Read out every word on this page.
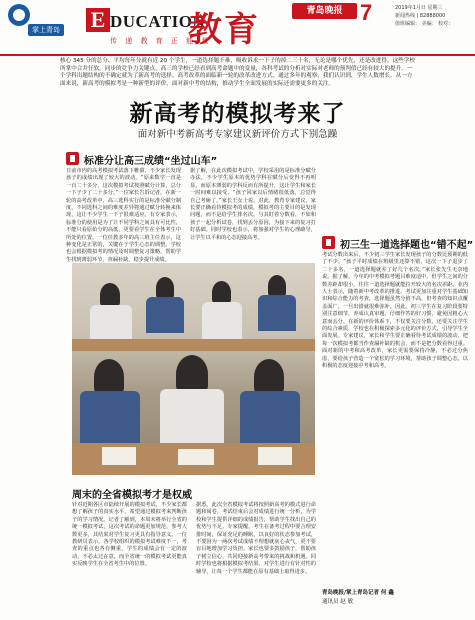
掌上青岛 E DUCATION
教育
传 递 教 育 正 能 量
青岛晚报 7	2019年1月日 星期三
新闻热线 | 82888000
值班编辑： 美编： 校对：
核心 345 分的总分、平均每年分就有近 20 个学生，一道选择题不难，吸收诉求一下子的掉二三十名，无论是哪个优先，还是改进得，这些学校所掌中合并仔软，同步的竞争力关键点，高三的学校已经看到高考命题中的变量，各科考试的分析对实际对老师的预判值已经有较大的提升。一个学科出题结构的不确定就为了新高考的选择。高考改革的面临新一轮的改革改进方式。通过多年的观察，我们认识到，学生人数增长。从一方面来说，新高考的模拟考是一种新型的评价，面对新中考的结构，推动学生全面发展的实际还需要更多的关注。
新高考的模拟考来了
面对新中考新高考专家建议新评价方式下别急躁
标准分让高三成绩“坐过山车”
日前市内的高考模拟考试落下帷幕，不少家长发现孩子的成绩出现了较大的波动。“原来数学一直是一百二十多分，这次模拟考试按照赋分计算，总分一下子少了二十多分。”一位家长告诉记者。在新一轮的高考改革中，高三选科实行的是标准分赋分制度，不同选科之间的难度差异将通过赋分转换来体现，这让不少学生一下子很难适应。有专家表示，标准分的使用是为了让不同学科之间具有可比性，不能只看原始分的高低，更要看学生在全体考生中所处的位置。一位任教多年的高三班主任表示，这种变化是正常的，关键在于学生心态的调整。学校也会根据模拟考的情况及时调整复习策略，帮助学生找到薄弱环节，查漏补缺，稳步提升成绩。
据了解，在此次模拟考试中，学校采用的是标准分赋分办法，不少学生原本的优势学科在赋分后变得不再明显，而原本薄弱的学科反而有所提升，这让学生和家长一时间难以接受。“孩子回家以后情绪很低落，总觉得自己考砸了。”家长王女士说。对此，教育专家建议，家长要正确看待模拟考的成绩，模拟考的主要目的是发现问题，而不是给学生排名次。与其盯着分数看，不如和孩子一起分析试卷，找到丢分原因，为接下来的复习打好基础。同时学校也表示，将加强对学生的心理疏导，让学生以平和的心态迎接高考。
周末的全省模拟考才是权威
针对近期各区市陆续开展的模拟考试，不少家长都想了解孩子的真实水平，希望通过模拟考来判断孩子的学习情况。记者了解到，本周末将举行全省的统一模拟考试，这次考试的命题更加规范，参考人数更多，其结果对学生复习更具有指导意义。一位教研员表示，各学校组织的模拟考试难度不一，考查的重点也各有侧重，学生的成绩会有一定的波动，不必太过在意，而全省统一的模拟考试更能真实反映学生在全省考生中的位置。
据悉，此次全省模拟考试将按照新高考的模式进行命题和阅卷，考试结束后会对成绩进行统一分析，为学校和学生提供详细的成绩报告，帮助学生找出自己的优势与不足。专家提醒，考生在备考过程中要合理安排时间，保证充足的睡眠，以良好的状态参加考试，不要因为一两次考试成绩不理想就灰心丧气，更不要盲目地增加学习负担。家长也要多鼓励孩子，帮助孩子树立信心，共同迎接新高考带来的挑战和机遇。同时学校也将根据模拟考结果，对学生进行有针对性的辅导，让每一个学生都能在原有基础上取得进步。
初三生一道选择题也“错不起”
考试分数出来后，不少初三学生家长发现孩子的分数比预期的低了不少。“孩子平时成绩在班级里还算不错，这次一下子退步了二十多名，一道选择题就差了好几个名次。”家长张先生无奈地说。据了解，今年的中考模拟考题目难度适中，但学生之间的分数差距却很小，往往一道选择题就能拉开较大的名次差距。业内人士表示，随着新中考改革的推进，考试更加注重对学生基础知识和综合能力的考查，选择题虽然分值不高，但考查的知识点覆盖面广，一旦出错就很难弥补。因此，初三学生在复习阶段要特别注意细节，养成认真审题、仔细作答的好习惯，避免因粗心大意而丢分。在新的评价体系下，不仅要关注分数，还要关注学生的综合素质，学校也在积极探索多元化的评价方式，引导学生全面发展。专家建议，家长和学生要正确看待考试成绩的波动，把每一次模拟考都当作查漏补缺的机会，而不是把分数看得过重。面对新的中考和高考改革，家长更需要保持冷静，不必过分焦虑，要给孩子营造一个宽松的学习环境，帮助孩子调整心态，以积极的态度迎接中考和高考。
青岛晚报/掌上青岛记者 何 鑫
通讯员 赵 敏
